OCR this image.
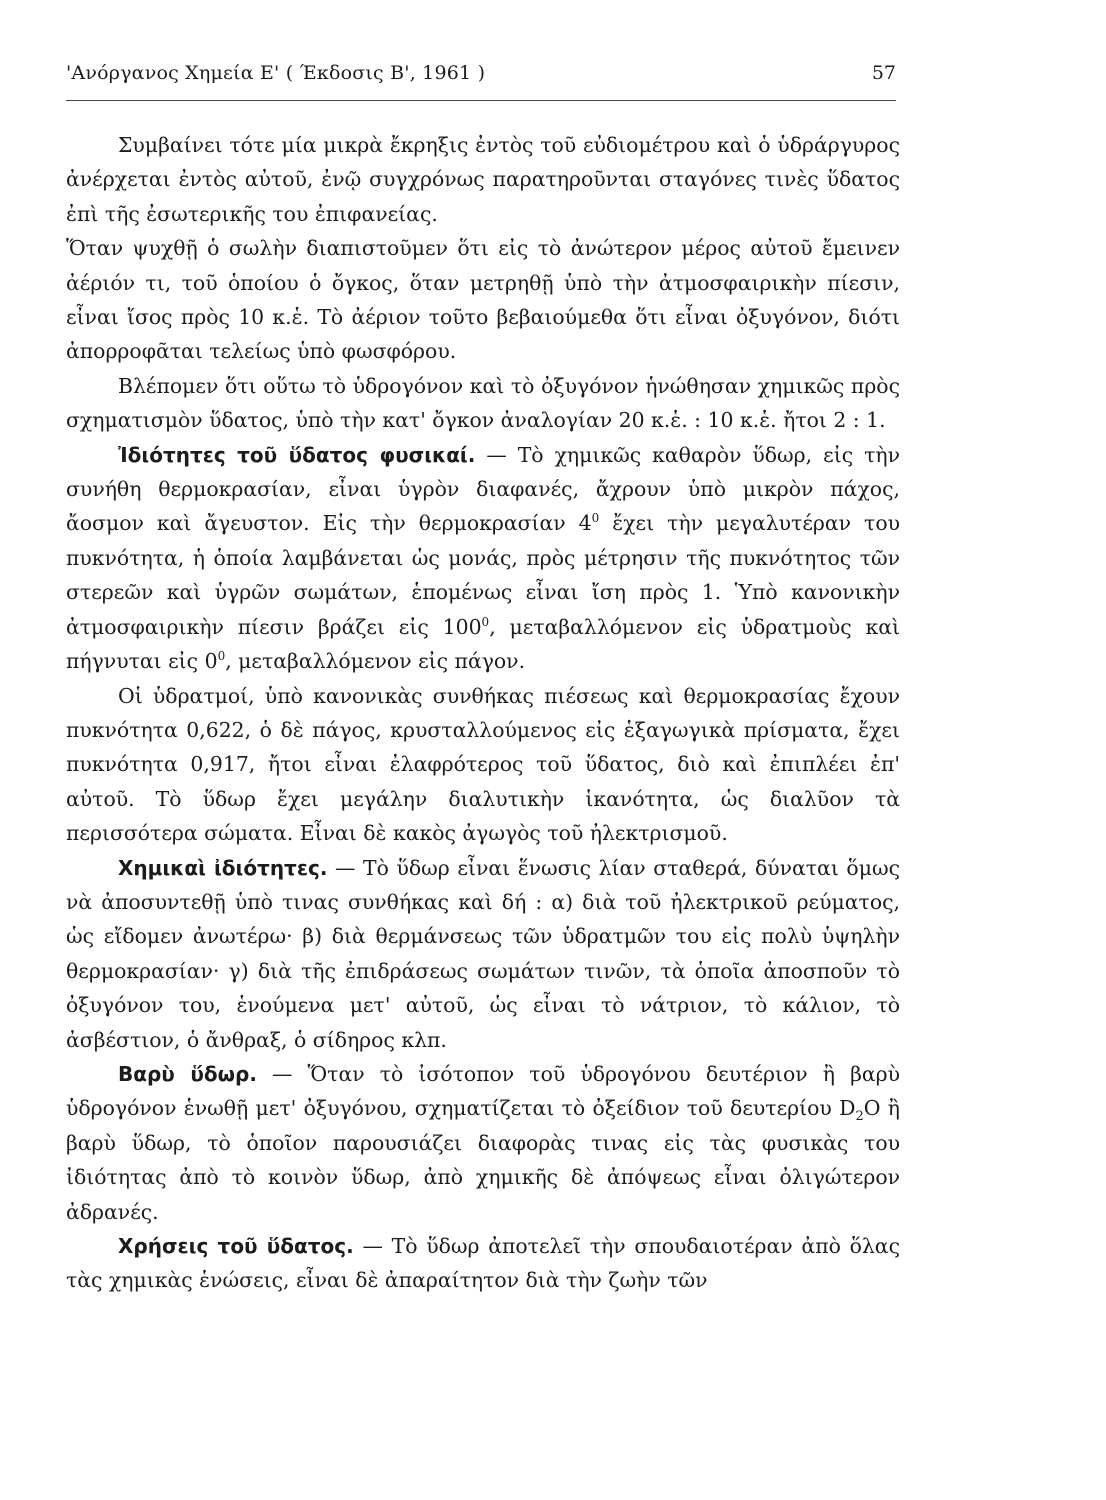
'Ανόργανος Χημεία Ε' ( Έκδοσις Β', 1961 )	57

Συμβαίνει τότε μία μικρὰ ἔκρηξις ἐντὸς τοῦ εὐδιομέτρου καὶ ὁ ὑδράργυρος ἀνέρχεται ἐντὸς αὐτοῦ, ἐνῷ συγχρόνως παρατηροῦνται σταγόνες τινὲς ὕδατος ἐπὶ τῆς ἐσωτερικῆς του ἐπιφανείας.

Ὅταν ψυχθῇ ὁ σωλὴν διαπιστοῦμεν ὅτι εἰς τὸ ἀνώτερον μέρος αὐτοῦ ἔμεινεν ἀέριόν τι, τοῦ ὁποίου ὁ ὄγκος, ὅταν μετρηθῇ ὑπὸ τὴν ἀτμοσφαιρικὴν πίεσιν, εἶναι ἴσος πρὸς 10 κ.ἑ. Τὸ ἀέριον τοῦτο βεβαιούμεθα ὅτι εἶναι ὀξυγόνον, διότι ἀπορροφᾶται τελείως ὑπὸ φωσφόρου.

Βλέπομεν ὅτι οὕτω τὸ ὑδρογόνον καὶ τὸ ὀξυγόνον ἡνώθησαν χημικῶς πρὸς σχηματισμὸν ὕδατος, ὑπὸ τὴν κατ' ὄγκον ἀναλογίαν 20 κ.ἑ. : 10 κ.ἑ. ἤτοι 2 : 1.

Ἰδιότητες τοῦ ὕδατος φυσικαί. — Τὸ χημικῶς καθαρὸν ὕδωρ, εἰς τὴν συνήθη θερμοκρασίαν, εἶναι ὑγρὸν διαφανές, ἄχρουν ὑπὸ μικρὸν πάχος, ἄοσμον καὶ ἄγευστον. Εἰς τὴν θερμοκρασίαν $4^0$ ἔχει τὴν μεγαλυτέραν του πυκνότητα, ἡ ὁποία λαμβάνεται ὡς μονάς, πρὸς μέτρησιν τῆς πυκνότητος τῶν στερεῶν καὶ ὑγρῶν σωμάτων, ἑπομένως εἶναι ἴση πρὸς 1. Ὑπὸ κανονικὴν ἀτμοσφαιρικὴν πίεσιν βράζει εἰς $100^0$, μεταβαλλόμενον εἰς ὑδρατμοὺς καὶ πήγνυται εἰς $0^0$, μεταβαλλόμενον εἰς πάγον.

Οἱ ὑδρατμοί, ὑπὸ κανονικὰς συνθήκας πιέσεως καὶ θερμοκρασίας ἔχουν πυκνότητα 0,622, ὁ δὲ πάγος, κρυσταλλούμενος εἰς ἑξαγωγικὰ πρίσματα, ἔχει πυκνότητα 0,917, ἤτοι εἶναι ἐλαφρότερος τοῦ ὕδατος, διὸ καὶ ἐπιπλέει ἐπ' αὐτοῦ. Τὸ ὕδωρ ἔχει μεγάλην διαλυτικὴν ἱκανότητα, ὡς διαλῦον τὰ περισσότερα σώματα. Εἶναι δὲ κακὸς ἀγωγὸς τοῦ ἠλεκτρισμοῦ.

Χημικαὶ ἰδιότητες. — Τὸ ὕδωρ εἶναι ἕνωσις λίαν σταθερά, δύναται ὅμως νὰ ἀποσυντεθῇ ὑπὸ τινας συνθήκας καὶ δή : α) διὰ τοῦ ἠλεκτρικοῦ ρεύματος, ὡς εἴδομεν ἀνωτέρω· β) διὰ θερμάνσεως τῶν ὑδρατμῶν του εἰς πολὺ ὑψηλὴν θερμοκρασίαν· γ) διὰ τῆς ἐπιδράσεως σωμάτων τινῶν, τὰ ὁποῖα ἀποσποῦν τὸ ὀξυγόνον του, ἑνούμενα μετ' αὐτοῦ, ὡς εἶναι τὸ νάτριον, τὸ κάλιον, τὸ ἀσβέστιον, ὁ ἄνθραξ, ὁ σίδηρος κλπ.

Βαρὺ ὕδωρ. — Ὅταν τὸ ἰσότοπον τοῦ ὑδρογόνου δευτέριον ἢ βαρὺ ὑδρογόνον ἑνωθῇ μετ' ὀξυγόνου, σχηματίζεται τὸ ὀξείδιον τοῦ δευτερίου $D_2O$ ἢ βαρὺ ὕδωρ, τὸ ὁποῖον παρουσιάζει διαφορὰς τινας εἰς τὰς φυσικὰς του ἰδιότητας ἀπὸ τὸ κοινὸν ὕδωρ, ἀπὸ χημικῆς δὲ ἀπόψεως εἶναι ὀλιγώτερον ἀδρανές.

Χρήσεις τοῦ ὕδατος. — Τὸ ὕδωρ ἀποτελεῖ τὴν σπουδαιοτέραν ἀπὸ ὅλας τὰς χημικὰς ἑνώσεις, εἶναι δὲ ἀπαραίτητον διὰ τὴν ζωὴν τῶν
